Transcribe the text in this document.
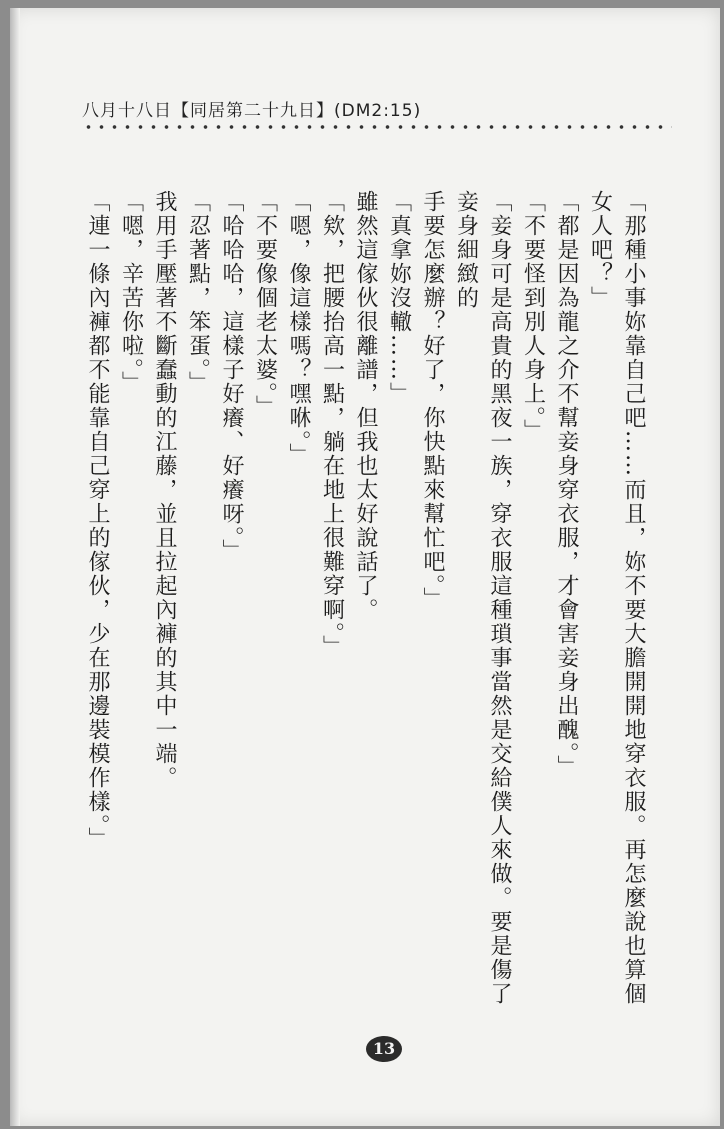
八月十八日【同居第二十九日】(DM2:15)

「那種小事妳靠自己吧……而且，妳不要大膽開開地穿衣服。再怎麼說也算個女人吧？」

「都是因為龍之介不幫妾身穿衣服，才會害妾身出醜。」

「不要怪到別人身上。」

「妾身可是高貴的黑夜一族，穿衣服這種瑣事當然是交給僕人來做。要是傷了妾身細緻的

手要怎麼辦？好了，你快點來幫忙吧。」

「真拿妳沒轍……」

雖然這傢伙很離譜，但我也太好說話了。

「欸，把腰抬高一點，躺在地上很難穿啊。」

「嗯，像這樣嗎？嘿咻。」

「不要像個老太婆。」

「哈哈哈，這樣子好癢、好癢呀。」

「忍著點，笨蛋。」

我用手壓著不斷蠢動的江藤，並且拉起內褲的其中一端。

「嗯，辛苦你啦。」

「連一條內褲都不能靠自己穿上的傢伙，少在那邊裝模作樣。」

13
